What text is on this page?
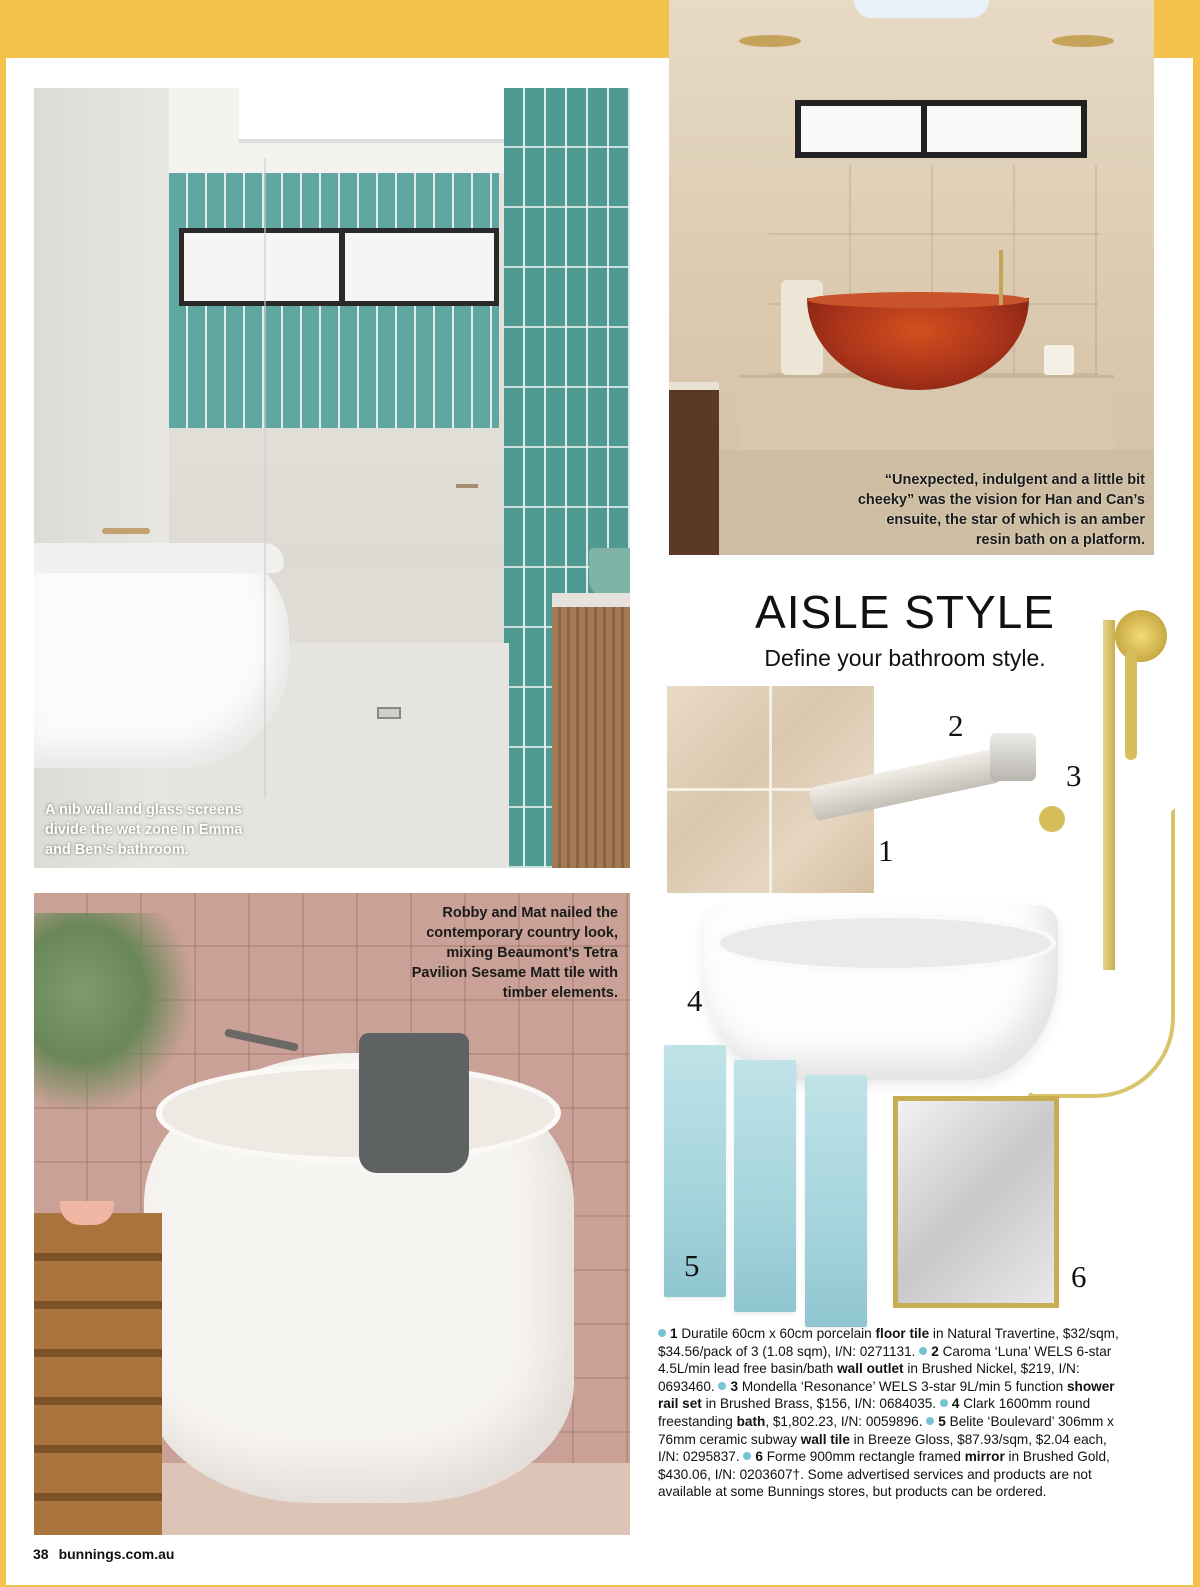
A nib wall and glass screens divide the wet zone in Emma and Ben’s bathroom.
“Unexpected, indulgent and a little bit cheeky” was the vision for Han and Can’s ensuite, the star of which is an amber resin bath on a platform.
Robby and Mat nailed the contemporary country look, mixing Beaumont’s Tetra Pavilion Sesame Matt tile with timber elements.
AISLE STYLE
Define your bathroom style.
1
2
3
4
5	6
1 Duratile 60cm x 60cm porcelain floor tile in Natural Travertine, $32/sqm, $34.56/pack of 3 (1.08 sqm), I/N: 0271131. 2 Caroma ‘Luna’ WELS 6-star 4.5L/min lead free basin/bath wall outlet in Brushed Nickel, $219, I/N: 0693460. 3 Mondella ‘Resonance’ WELS 3-star 9L/min 5 function shower rail set in Brushed Brass, $156, I/N: 0684035. 4 Clark 1600mm round freestanding bath, $1,802.23, I/N: 0059896. 5 Belite ‘Boulevard’ 306mm x 76mm ceramic subway wall tile in Breeze Gloss, $87.93/sqm, $2.04 each, I/N: 0295837. 6 Forme 900mm rectangle framed mirror in Brushed Gold, $430.06, I/N: 0203607†. Some advertised services and products are not available at some Bunnings stores, but products can be ordered.
38 bunnings.com.au
